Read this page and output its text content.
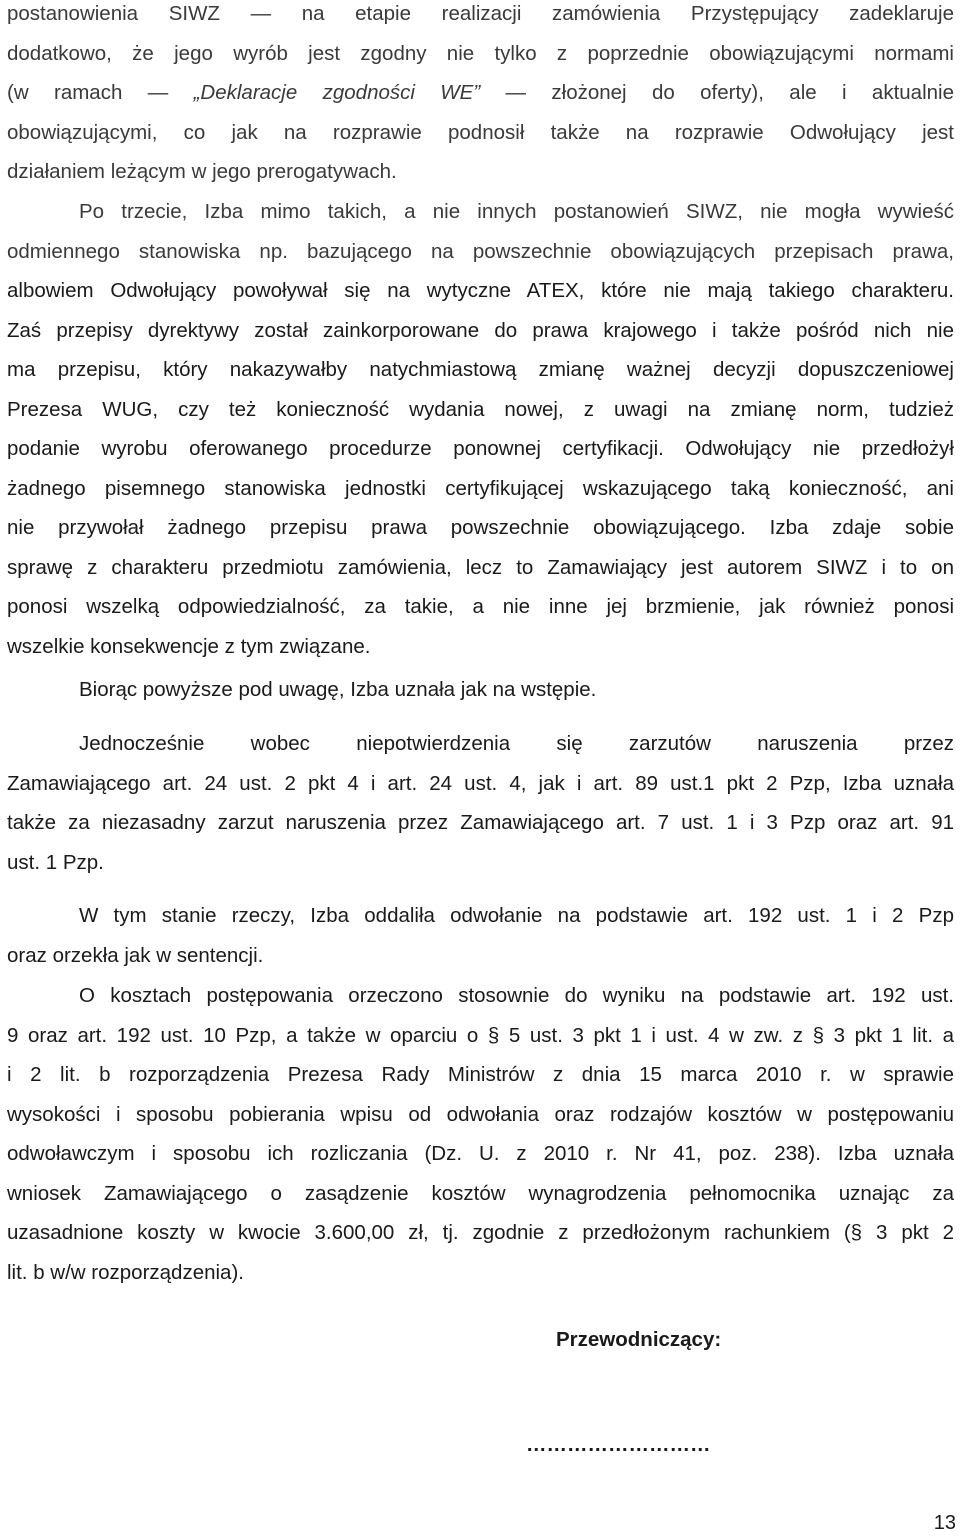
postanowienia SIWZ — na etapie realizacji zamówienia Przystępujący zadeklaruje
dodatkowo, że jego wyrób jest zgodny nie tylko z poprzednie obowiązującymi normami
(w ramach — „Deklaracje zgodności WE” — złożonej do oferty), ale i aktualnie
obowiązującymi, co jak na rozprawie podnosił także na rozprawie Odwołujący jest
działaniem leżącym w jego prerogatywach.
Po trzecie, Izba mimo takich, a nie innych postanowień SIWZ, nie mogła wywieść
odmiennego stanowiska np. bazującego na powszechnie obowiązujących przepisach prawa,
albowiem Odwołujący powoływał się na wytyczne ATEX, które nie mają takiego charakteru.
Zaś przepisy dyrektywy został zainkorporowane do prawa krajowego i także pośród nich nie
ma przepisu, który nakazywałby natychmiastową zmianę ważnej decyzji dopuszczeniowej
Prezesa WUG, czy też konieczność wydania nowej, z uwagi na zmianę norm, tudzież
podanie wyrobu oferowanego procedurze ponownej certyfikacji. Odwołujący nie przedłożył
żadnego pisemnego stanowiska jednostki certyfikującej wskazującego taką konieczność, ani
nie przywołał żadnego przepisu prawa powszechnie obowiązującego. Izba zdaje sobie
sprawę z charakteru przedmiotu zamówienia, lecz to Zamawiający jest autorem SIWZ i to on
ponosi wszelką odpowiedzialność, za takie, a nie inne jej brzmienie, jak również ponosi
wszelkie konsekwencje z tym związane.
Biorąc powyższe pod uwagę, Izba uznała jak na wstępie.
Jednocześnie wobec niepotwierdzenia się zarzutów naruszenia przez
Zamawiającego art. 24 ust. 2 pkt 4 i art. 24 ust. 4, jak i art. 89 ust.1 pkt 2 Pzp, Izba uznała
także za niezasadny zarzut naruszenia przez Zamawiającego art. 7 ust. 1 i 3 Pzp oraz art. 91
ust. 1 Pzp.
W tym stanie rzeczy, Izba oddaliła odwołanie na podstawie art. 192 ust. 1 i 2 Pzp
oraz orzekła jak w sentencji.
O kosztach postępowania orzeczono stosownie do wyniku na podstawie art. 192 ust.
9 oraz art. 192 ust. 10 Pzp, a także w oparciu o § 5 ust. 3 pkt 1 i ust. 4 w zw. z § 3 pkt 1 lit. a
i 2 lit. b rozporządzenia Prezesa Rady Ministrów z dnia 15 marca 2010 r. w sprawie
wysokości i sposobu pobierania wpisu od odwołania oraz rodzajów kosztów w postępowaniu
odwoławczym i sposobu ich rozliczania (Dz. U. z 2010 r. Nr 41, poz. 238). Izba uznała
wniosek Zamawiającego o zasądzenie kosztów wynagrodzenia pełnomocnika uznając za
uzasadnione koszty w kwocie 3.600,00 zł, tj. zgodnie z przedłożonym rachunkiem (§ 3 pkt 2
lit. b w/w rozporządzenia).
Przewodniczący:
………………………
13
